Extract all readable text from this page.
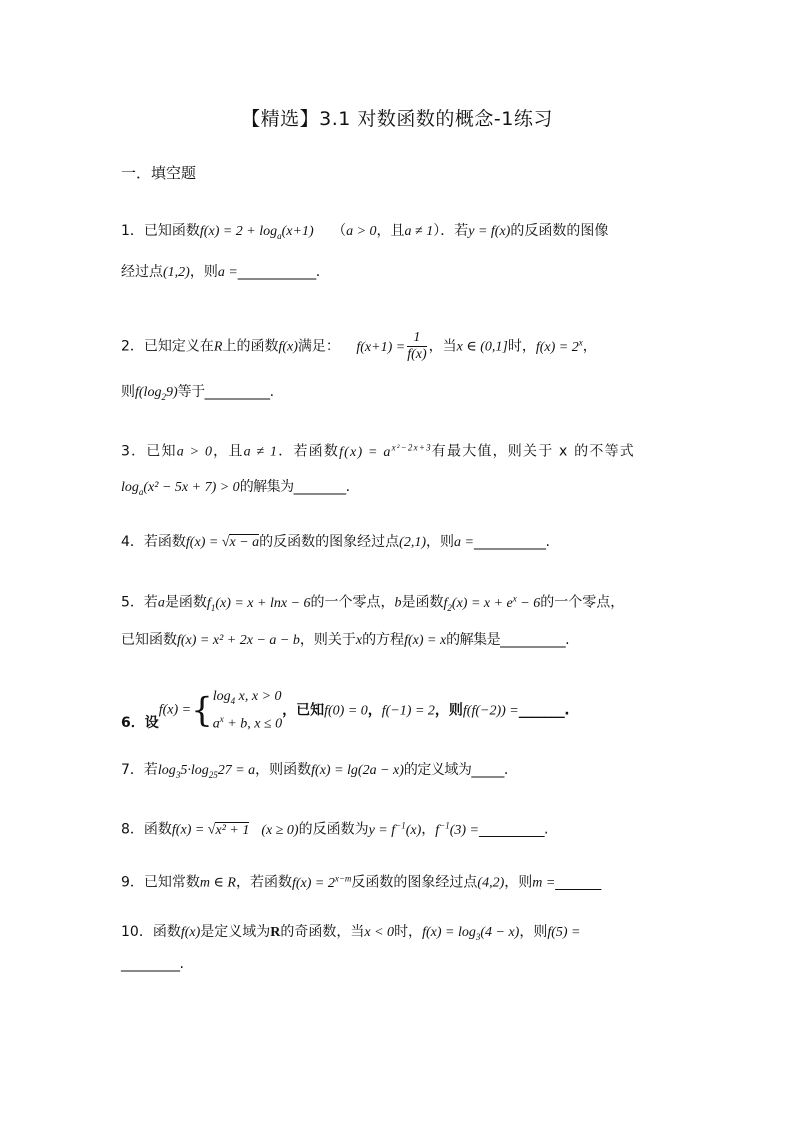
【精选】3.1 对数函数的概念-1练习
一．填空题
1．已知函数$f(x) = 2 + \log_a(x+1) (a > 0$，且a ≠ 1）．若y = f(x)的反函数的图像
经过点(1,2)，则a =____________.
2．已知定义在R上的函数f(x)满足： $f(x+1) = \frac{1}{f(x)}$ ，当x ∈ (0,1]时，$f(x) = 2^x$，
则$f(\log_29)$等于__________.
3．已知a > 0，且a ≠ 1．若函数$f(x) = a^{x^2-2x+3}$有最大值，则关于 x 的不等式
$\log_a(x^2 - 5x + 7) > 0$的解集为________.
4．若函数f(x) = √x − a的反函数的图象经过点(2,1)，则a =___________.
5．若a是函数$f_1(x) = x + \ln x - 6$的一个零点，b是函数$f_2(x) = x + e^x - 6$的一个零点，
已知函数f(x) = x² + 2x − a − b，则关于x的方程f(x) = x的解集是__________.
6．设f(x) ={ $\log_4 x$, x > 0
$a^x + b$, x ≤ 0
，已知f(0) = 0，f(−1) = 2，则f(f(−2)) =_______.
7．若$\log_35\cdot\log_{25}27 = a$，则函数f(x) = lg(2a − x)的定义域为_____.
8．函数f(x) = √x² + 1 (x ≥ 0)的反函数为$y = f^{-1}(x)$，$f^{-1}(3)$ =__________.
9．已知常数m ∈ R，若函数$f(x) = 2^{x-m}$反函数的图象经过点(4,2)，则m =_______
10．函数f(x)是定义域为R的奇函数，当x < 0时，$f(x) = \log_3(4 - x)$，则f(5) =
_________.
